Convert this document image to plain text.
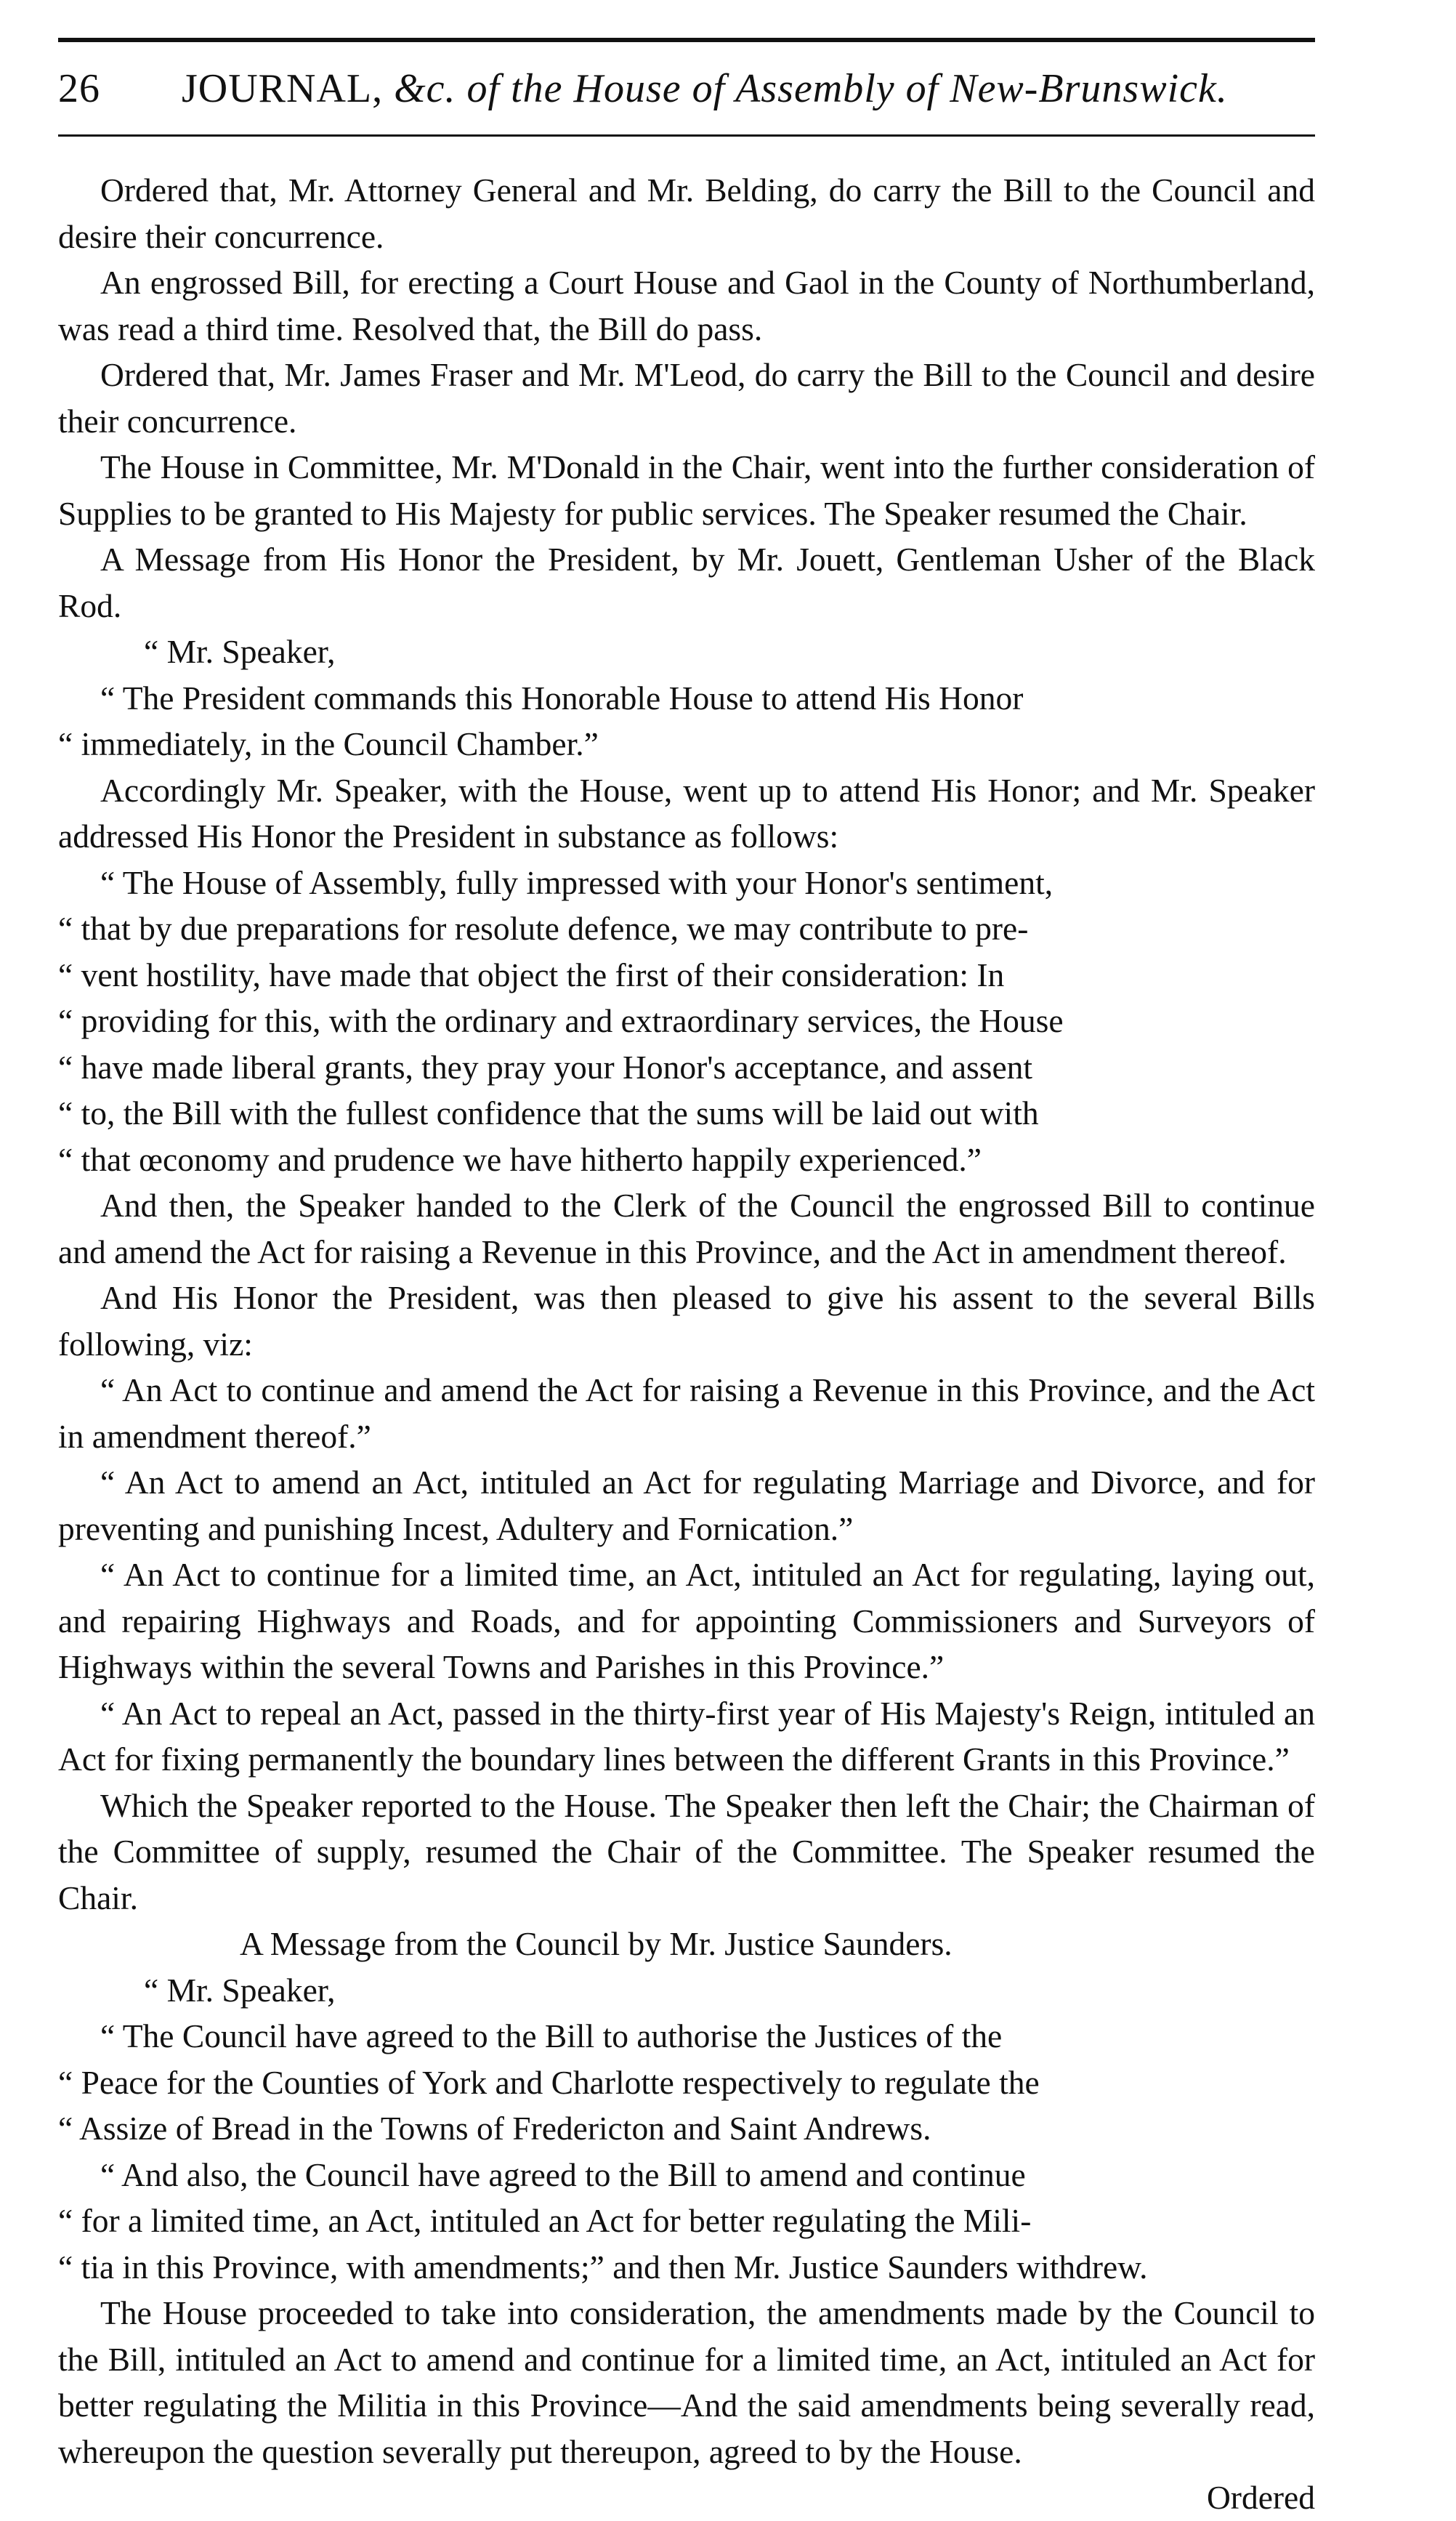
26 JOURNAL, &c. of the House of Assembly of New-Brunswick.

Ordered that, Mr. Attorney General and Mr. Belding, do carry the Bill to the Council and desire their concurrence.

An engrossed Bill, for erecting a Court House and Gaol in the County of Northumberland, was read a third time. Resolved that, the Bill do pass.

Ordered that, Mr. James Fraser and Mr. M'Leod, do carry the Bill to the Council and desire their concurrence.

The House in Committee, Mr. M'Donald in the Chair, went into the further consideration of Supplies to be granted to His Majesty for public services. The Speaker resumed the Chair.

A Message from His Honor the President, by Mr. Jouett, Gentleman Usher of the Black Rod.

“ Mr. Speaker,

“ The President commands this Honorable House to attend His Honor

“ immediately, in the Council Chamber.”

Accordingly Mr. Speaker, with the House, went up to attend His Honor; and Mr. Speaker addressed His Honor the President in substance as follows:

“ The House of Assembly, fully impressed with your Honor's sentiment,

“ that by due preparations for resolute defence, we may contribute to pre-

“ vent hostility, have made that object the first of their consideration: In

“ providing for this, with the ordinary and extraordinary services, the House

“ have made liberal grants, they pray your Honor's acceptance, and assent

“ to, the Bill with the fullest confidence that the sums will be laid out with

“ that œconomy and prudence we have hitherto happily experienced.”

And then, the Speaker handed to the Clerk of the Council the engrossed Bill to continue and amend the Act for raising a Revenue in this Province, and the Act in amendment thereof.

And His Honor the President, was then pleased to give his assent to the several Bills following, viz:

“ An Act to continue and amend the Act for raising a Revenue in this Province, and the Act in amendment thereof.”

“ An Act to amend an Act, intituled an Act for regulating Marriage and Divorce, and for preventing and punishing Incest, Adultery and Fornication.”

“ An Act to continue for a limited time, an Act, intituled an Act for regulating, laying out, and repairing Highways and Roads, and for appointing Commissioners and Surveyors of Highways within the several Towns and Parishes in this Province.”

“ An Act to repeal an Act, passed in the thirty-first year of His Majesty's Reign, intituled an Act for fixing permanently the boundary lines between the different Grants in this Province.”

Which the Speaker reported to the House. The Speaker then left the Chair; the Chairman of the Committee of supply, resumed the Chair of the Committee. The Speaker resumed the Chair.

A Message from the Council by Mr. Justice Saunders.

“ Mr. Speaker,

“ The Council have agreed to the Bill to authorise the Justices of the

“ Peace for the Counties of York and Charlotte respectively to regulate the

“ Assize of Bread in the Towns of Fredericton and Saint Andrews.

“ And also, the Council have agreed to the Bill to amend and continue

“ for a limited time, an Act, intituled an Act for better regulating the Mili-

“ tia in this Province, with amendments;” and then Mr. Justice Saunders withdrew.

The House proceeded to take into consideration, the amendments made by the Council to the Bill, intituled an Act to amend and continue for a limited time, an Act, intituled an Act for better regulating the Militia in this Province—And the said amendments being severally read, whereupon the question severally put thereupon, agreed to by the House.

Ordered
